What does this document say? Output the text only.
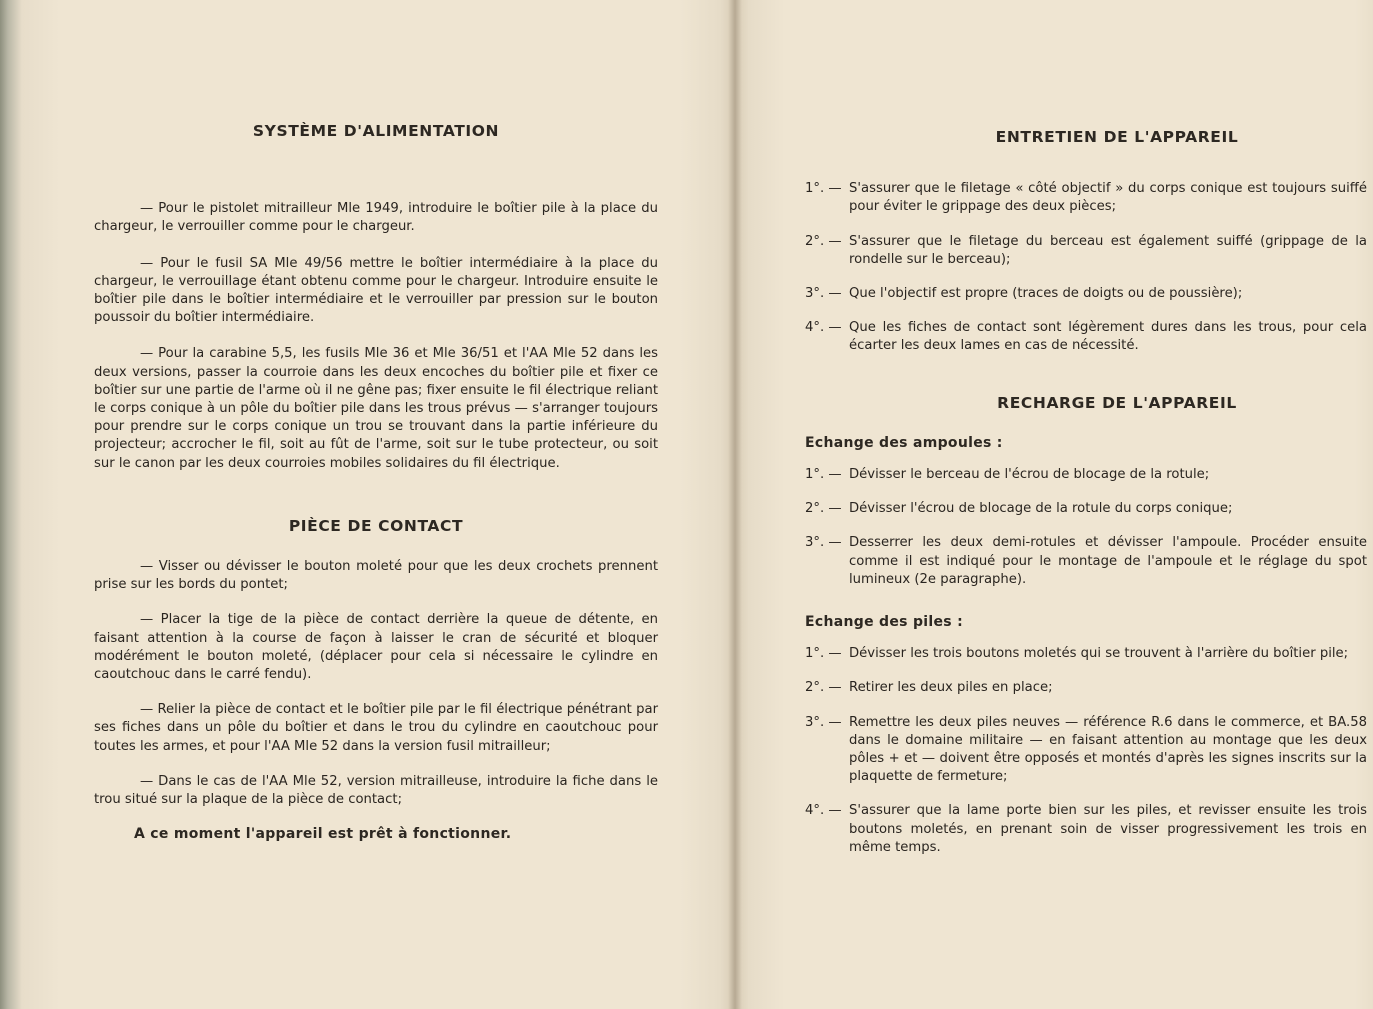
SYSTÈME D'ALIMENTATION

— Pour le pistolet mitrailleur Mle 1949, introduire le boîtier pile à la place du chargeur, le verrouiller comme pour le chargeur.

— Pour le fusil SA Mle 49/56 mettre le boîtier intermédiaire à la place du chargeur, le verrouillage étant obtenu comme pour le chargeur. Introduire ensuite le boîtier pile dans le boîtier intermédiaire et le verrouiller par pression sur le bouton poussoir du boîtier intermédiaire.

— Pour la carabine 5,5, les fusils Mle 36 et Mle 36/51 et l'AA Mle 52 dans les deux versions, passer la courroie dans les deux encoches du boîtier pile et fixer ce boîtier sur une partie de l'arme où il ne gêne pas; fixer ensuite le fil électrique reliant le corps conique à un pôle du boîtier pile dans les trous prévus — s'arranger toujours pour prendre sur le corps conique un trou se trouvant dans la partie inférieure du projecteur; accrocher le fil, soit au fût de l'arme, soit sur le tube protecteur, ou soit sur le canon par les deux courroies mobiles solidaires du fil électrique.

PIÈCE DE CONTACT

— Visser ou dévisser le bouton moleté pour que les deux crochets prennent prise sur les bords du pontet;

— Placer la tige de la pièce de contact derrière la queue de détente, en faisant attention à la course de façon à laisser le cran de sécurité et bloquer modérément le bouton moleté, (déplacer pour cela si nécessaire le cylindre en caoutchouc dans le carré fendu).

— Relier la pièce de contact et le boîtier pile par le fil électrique pénétrant par ses fiches dans un pôle du boîtier et dans le trou du cylindre en caoutchouc pour toutes les armes, et pour l'AA Mle 52 dans la version fusil mitrailleur;

— Dans le cas de l'AA Mle 52, version mitrailleuse, introduire la fiche dans le trou situé sur la plaque de la pièce de contact;

A ce moment l'appareil est prêt à fonctionner.

ENTRETIEN DE L'APPAREIL
1°. — S'assurer que le filetage « côté objectif » du corps conique est toujours suiffé pour éviter le grippage des deux pièces;
2°. — S'assurer que le filetage du berceau est également suiffé (grippage de la rondelle sur le berceau);
3°. — Que l'objectif est propre (traces de doigts ou de poussière);
4°. — Que les fiches de contact sont légèrement dures dans les trous, pour cela écarter les deux lames en cas de nécessité.
RECHARGE DE L'APPAREIL

Echange des ampoules :

1°. — Dévisser le berceau de l'écrou de blocage de la rotule;
2°. — Dévisser l'écrou de blocage de la rotule du corps conique;
3°. — Desserrer les deux demi-rotules et dévisser l'ampoule. Procéder ensuite comme il est indiqué pour le montage de l'ampoule et le réglage du spot lumineux (2e paragraphe).

Echange des piles :

1°. — Dévisser les trois boutons moletés qui se trouvent à l'arrière du boîtier pile;
2°. — Retirer les deux piles en place;
3°. — Remettre les deux piles neuves — référence R.6 dans le commerce, et BA.58 dans le domaine militaire — en faisant attention au montage que les deux pôles + et — doivent être opposés et montés d'après les signes inscrits sur la plaquette de fermeture;
4°. — S'assurer que la lame porte bien sur les piles, et revisser ensuite les trois boutons moletés, en prenant soin de visser progressivement les trois en même temps.
